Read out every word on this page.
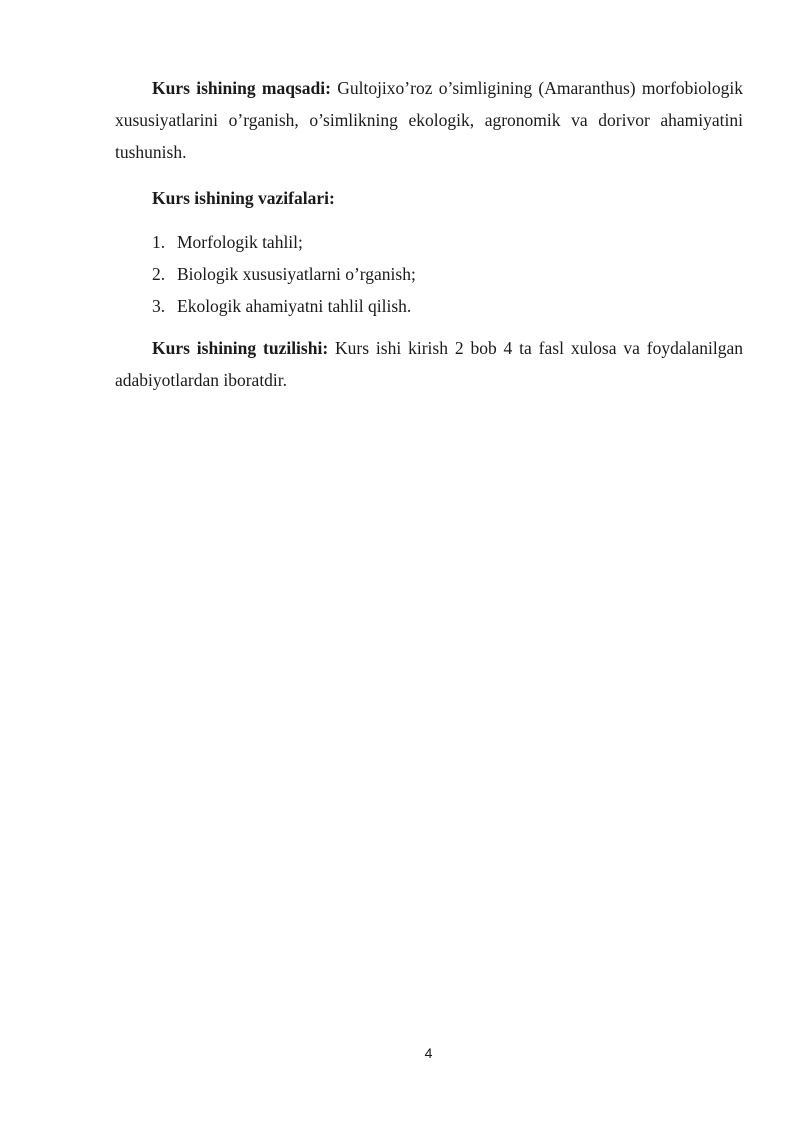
Kurs ishining maqsadi: Gultojixo’roz o’simligining (Amaranthus) morfobiologik xususiyatlarini o’rganish, o’simlikning ekologik, agronomik va dorivor ahamiyatini tushunish.

Kurs ishining vazifalari:

1. Morfologik tahlil;
2. Biologik xususiyatlarni o’rganish;
3. Ekologik ahamiyatni tahlil qilish.

Kurs ishining tuzilishi: Kurs ishi kirish 2 bob 4 ta fasl xulosa va foydalanilgan adabiyotlardan iboratdir.

4
